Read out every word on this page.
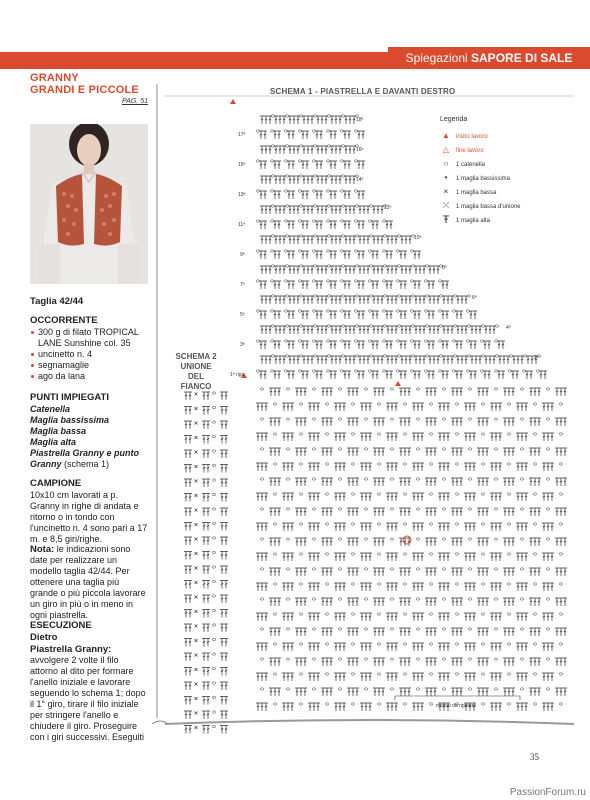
Spiegazioni SAPORE DI SALE
GRANNY
GRANDI E PICCOLE
PAG. 51
Taglia 42/44
OCCORRENTE
300 g di filato TROPICAL LANE Sunshine col. 35
uncinetto n. 4
segnamaglie
ago da lana
PUNTI IMPIEGATI
Catenella
Maglia bassissima
Maglia bassa
Maglia alta
Piastrella Granny e punto
Granny (schema 1)
CAMPIONE
10x10 cm lavorati a p. Granny in righe di andata e ritorno o in tondo con l'uncinetto n. 4 sono pari a 17 m. e 8,5 giri/righe.
Nota: le indicazioni sono date per realizzare un modello taglia 42/44. Per ottenere una taglia più grande o più piccola lavorare un giro in più o in meno in ogni piastrella.
ESECUZIONE
Dietro
Piastrella Granny: avvolgere 2 volte il filo attorno al dito per formare l'anello iniziale e lavorare seguendo lo schema 1; dopo il 1° giro, tirare il filo iniziale per stringere l'anello e chiudere il giro. Proseguire con i giri successivi. Eseguiti
SCHEMA 1 - PIASTRELLA E DAVANTI DESTRO
SCHEMA 2
UNIONE
DEL FIANCO
17ª
15ª
13ª
11ª
9ª
7ª
5ª
3ª
1ª riga
18ª
16ª
14ª
12ª
10ª
8ª
6ª
4ª
2ª
Legenda
▲	inizio lavoro
△	fine lavoro
○	1 catenella
•	1 maglia bassissima
×	1 maglia bassa
⤬	1 maglia bassa d'unione
Ŧ	1 maglia alta
motivo da ripetere
35
PassionForum.ru
